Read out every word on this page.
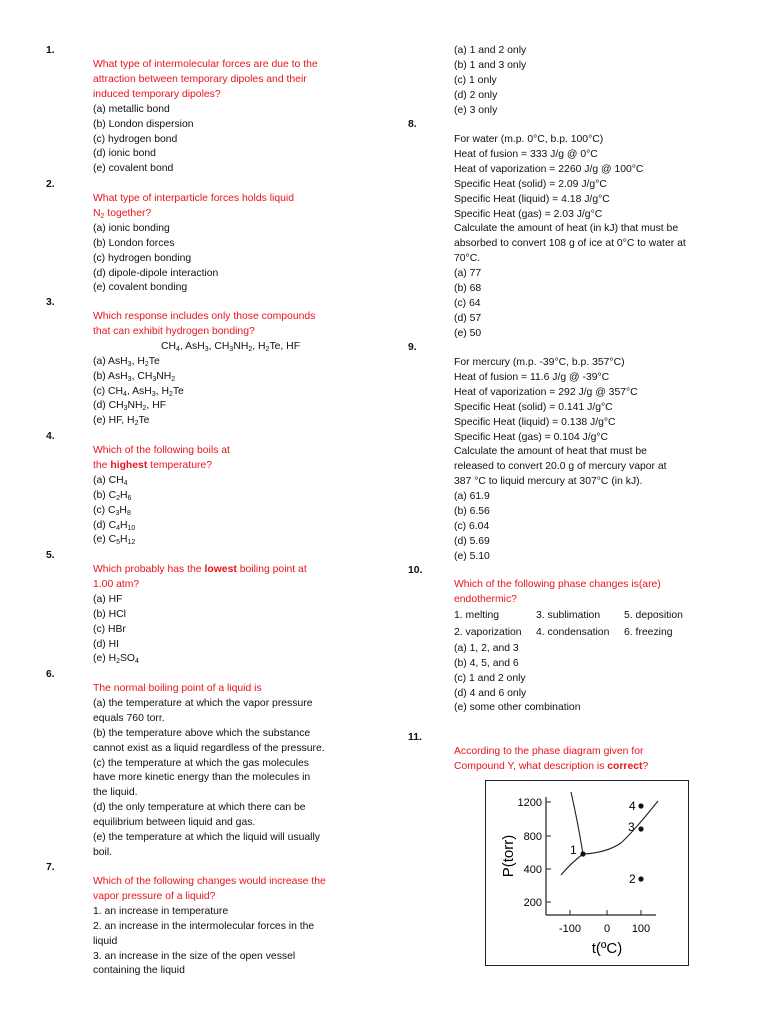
1.
What type of intermolecular forces are due to the
attraction between temporary dipoles and their
induced temporary dipoles?
(a) metallic bond
(b) London dispersion
(c) hydrogen bond
(d) ionic bond
(e) covalent bond
2.
What type of interparticle forces holds liquid
$N_2$ together?
(a) ionic bonding
(b) London forces
(c) hydrogen bonding
(d) dipole-dipole interaction
(e) covalent bonding
3.
Which response includes only those compounds
that can exhibit hydrogen bonding?
$CH_4$, AsH$_3$, $CH_3NH_2$, $H_2Te$, HF
(a) AsH$_3$, $H_2Te$
(b) AsH$_3$, $CH_3NH_2$
(c) $CH_4$, AsH$_3$, $H_2Te$
(d) $CH_3NH_2$, HF
(e) HF, $H_2Te$
4.
Which of the following boils at
the highest temperature?
(a) $CH_4$
(b) $C_2H_6$
(c) $C_3H_8$
(d) $C_4H_{10}$
(e) $C_5H_{12}$
5.
Which probably has the lowest boiling point at
1.00 atm?
(a) HF
(b) HCl
(c) HBr
(d) HI
(e) $H_2SO_4$
6.
The normal boiling point of a liquid is
(a) the temperature at which the vapor pressure
equals 760 torr.
(b) the temperature above which the substance
cannot exist as a liquid regardless of the pressure.
(c) the temperature at which the gas molecules
have more kinetic energy than the molecules in
the liquid.
(d) the only temperature at which there can be
equilibrium between liquid and gas.
(e) the temperature at which the liquid will usually
boil.
7.
Which of the following changes would increase the
vapor pressure of a liquid?
1. an increase in temperature
2. an increase in the intermolecular forces in the
liquid
3. an increase in the size of the open vessel
containing the liquid
(a) 1 and 2 only
(b) 1 and 3 only
(c) 1 only
(d) 2 only
(e) 3 only
8.
For water (m.p. 0°C, b.p. 100°C)
Heat of fusion = 333 J/g @ 0°C
Heat of vaporization = 2260 J/g @ 100°C
Specific Heat (solid) = 2.09 J/g°C
Specific Heat (liquid) = 4.18 J/g°C
Specific Heat (gas) = 2.03 J/g°C
Calculate the amount of heat (in kJ) that must be
absorbed to convert 108 g of ice at 0°C to water at
70°C.
(a) 77
(b) 68
(c) 64
(d) 57
(e) 50
9.
For mercury (m.p. -39°C, b.p. 357°C)
Heat of fusion = 11.6 J/g @ -39°C
Heat of vaporization = 292 J/g @ 357°C
Specific Heat (solid) = 0.141 J/g°C
Specific Heat (liquid) = 0.138 J/g°C
Specific Heat (gas) = 0.104 J/g°C
Calculate the amount of heat that must be
released to convert 20.0 g of mercury vapor at
387 °C to liquid mercury at 307°C (in kJ).
(a) 61.9
(b) 6.56
(c) 6.04
(d) 5.69
(e) 5.10
10.
Which of the following phase changes is(are)
endothermic?
1. melting	3. sublimation	5. deposition
2. vaporization	4. condensation	6. freezing
(a) 1, 2, and 3
(b) 4, 5, and 6
(c) 1 and 2 only
(d) 4 and 6 only
(e) some other combination
11.
According to the phase diagram given for
Compound Y, what description is correct?
1200
800
400
200
-100 0 100
t(ºC)
P(torr)	1
2
3
4
